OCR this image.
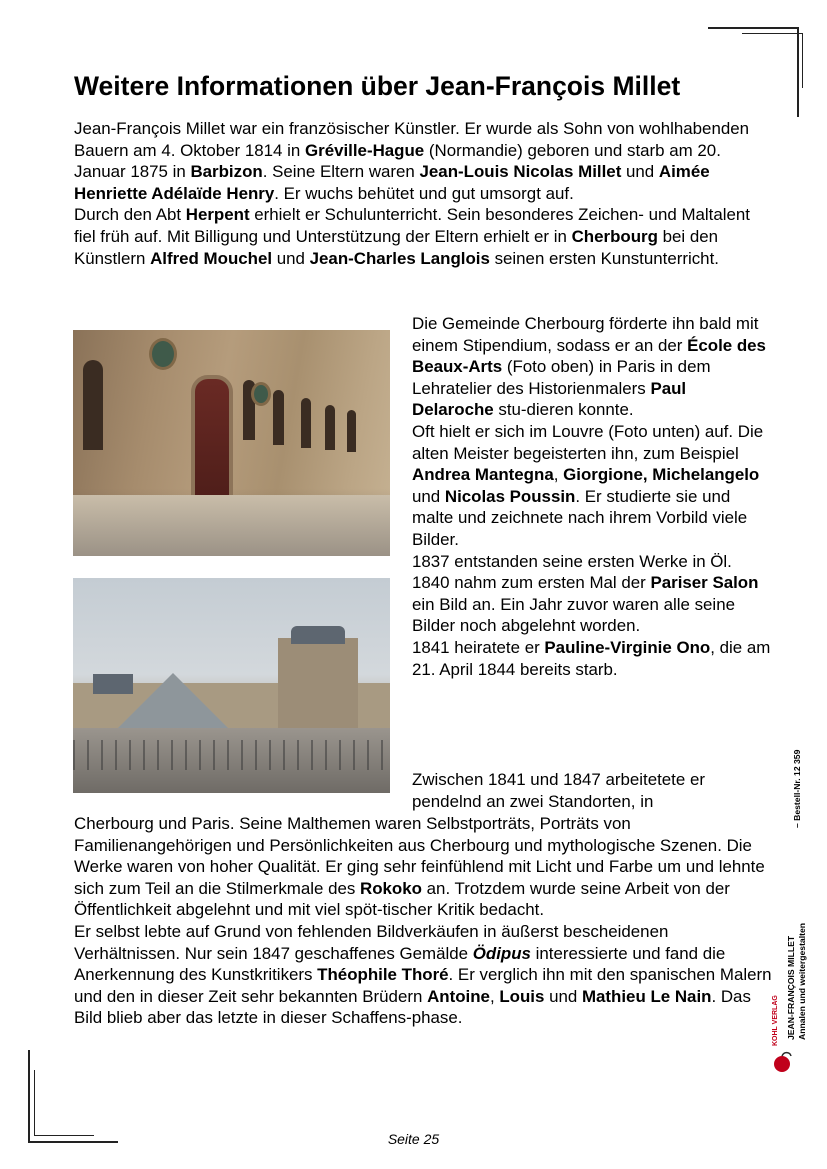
Weitere Informationen über Jean-François Millet

Jean-François Millet war ein französischer Künstler. Er wurde als Sohn von wohlhabenden Bauern am 4. Oktober 1814 in Gréville-Hague (Normandie) geboren und starb am 20. Januar 1875 in Barbizon. Seine Eltern waren Jean-Louis Nicolas Millet und Aimée Henriette Adélaïde Henry. Er wuchs behütet und gut umsorgt auf.
Durch den Abt Herpent erhielt er Schulunterricht. Sein besonderes Zeichen- und Maltalent fiel früh auf. Mit Billigung und Unterstützung der Eltern erhielt er in Cherbourg bei den Künstlern Alfred Mouchel und Jean-Charles Langlois seinen ersten Kunstunterricht.

Die Gemeinde Cherbourg förderte ihn bald mit einem Stipendium, sodass er an der École des Beaux-Arts (Foto oben) in Paris in dem Lehratelier des Historienmalers Paul Delaroche stu-dieren konnte.
Oft hielt er sich im Louvre (Foto unten) auf. Die alten Meister begeisterten ihn, zum Beispiel Andrea Mantegna, Giorgione, Michelangelo und Nicolas Poussin. Er studierte sie und malte und zeichnete nach ihrem Vorbild viele Bilder.
1837 entstanden seine ersten Werke in Öl. 1840 nahm zum ersten Mal der Pariser Salon ein Bild an. Ein Jahr zuvor waren alle seine Bilder noch abgelehnt worden.
1841 heiratete er Pauline-Virginie Ono, die am 21. April 1844 bereits starb.

Zwischen 1841 und 1847 arbeitetete er pendelnd an zwei Standorten, in

Cherbourg und Paris. Seine Malthemen waren Selbstporträts, Porträts von Familienangehörigen und Persönlichkeiten aus Cherbourg und mythologische Szenen. Die Werke waren von hoher Qualität. Er ging sehr feinfühlend mit Licht und Farbe um und lehnte sich zum Teil an die Stilmerkmale des Rokoko an. Trotzdem wurde seine Arbeit von der Öffentlichkeit abgelehnt und mit viel spöt-tischer Kritik bedacht.
Er selbst lebte auf Grund von fehlenden Bildverkäufen in äußerst bescheidenen Verhältnissen. Nur sein 1847 geschaffenes Gemälde Ödipus interessierte und fand die Anerkennung des Kunstkritikers Théophile Thoré. Er verglich ihn mit den spanischen Malern und den in dieser Zeit sehr bekannten Brüdern Antoine, Louis und Mathieu Le Nain. Das Bild blieb aber das letzte in dieser Schaffens-phase.	JEAN-FRANÇOIS MILLET Annalen und weitergestalten
– Bestell-Nr. 12 359
KOHL VERLAG
Seite 25
